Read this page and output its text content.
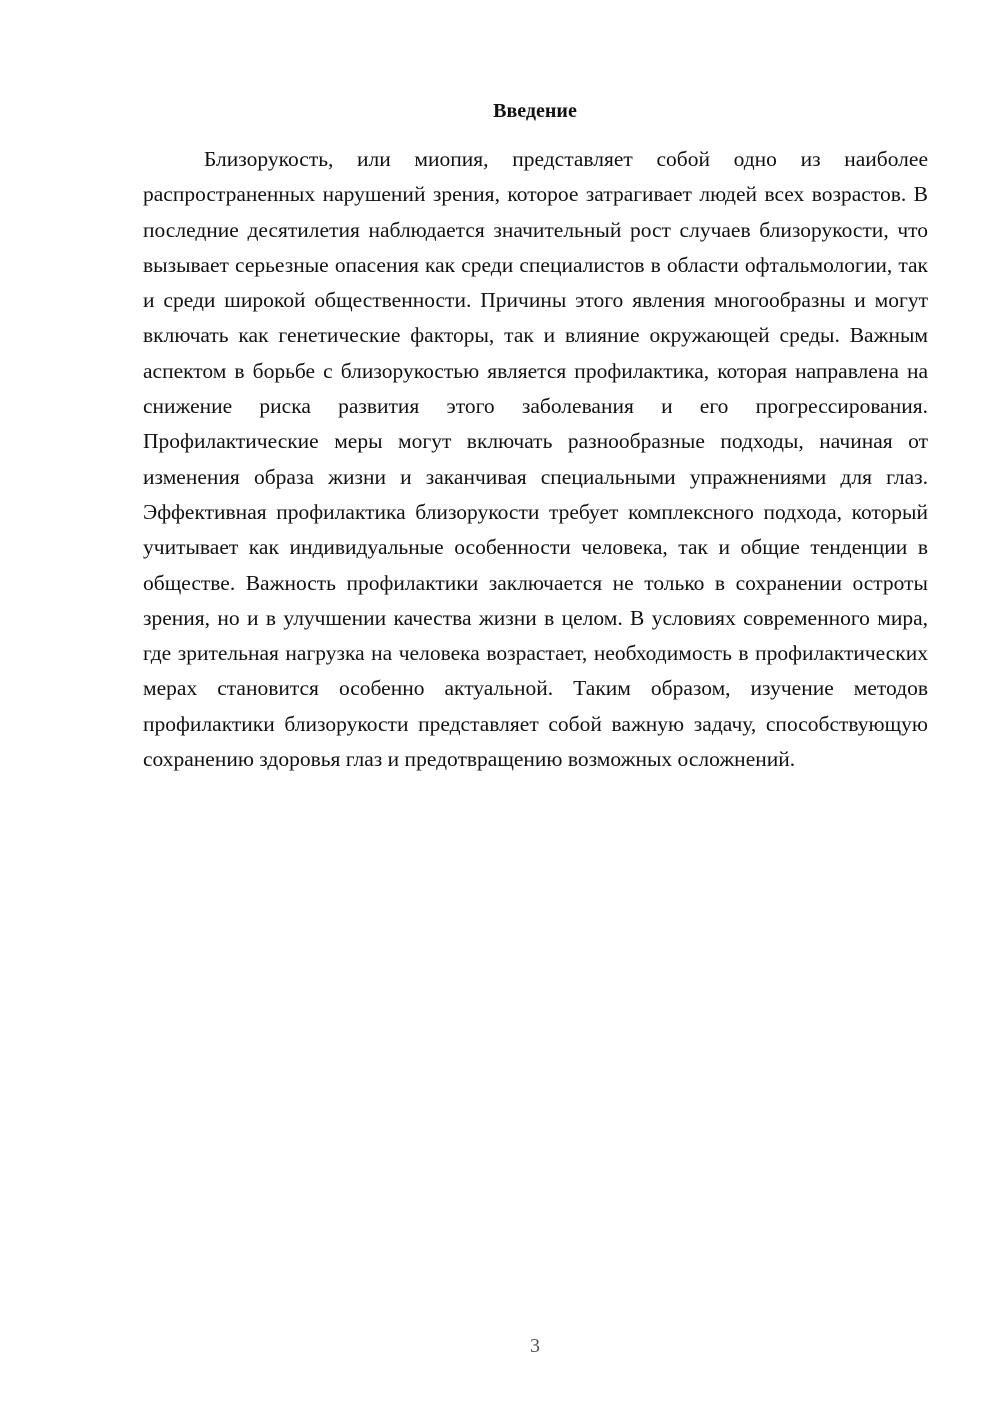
Введение

Близорукость, или миопия, представляет собой одно из наиболее распространенных нарушений зрения, которое затрагивает людей всех возрастов. В последние десятилетия наблюдается значительный рост случаев близорукости, что вызывает серьезные опасения как среди специалистов в области офтальмологии, так и среди широкой общественности. Причины этого явления многообразны и могут включать как генетические факторы, так и влияние окружающей среды. Важным аспектом в борьбе с близорукостью является профилактика, которая направлена на снижение риска развития этого заболевания и его прогрессирования. Профилактические меры могут включать разнообразные подходы, начиная от изменения образа жизни и заканчивая специальными упражнениями для глаз. Эффективная профилактика близорукости требует комплексного подхода, который учитывает как индивидуальные особенности человека, так и общие тенденции в обществе. Важность профилактики заключается не только в сохранении остроты зрения, но и в улучшении качества жизни в целом. В условиях современного мира, где зрительная нагрузка на человека возрастает, необходимость в профилактических мерах становится особенно актуальной. Таким образом, изучение методов профилактики близорукости представляет собой важную задачу, способствующую сохранению здоровья глаз и предотвращению возможных осложнений.

3
